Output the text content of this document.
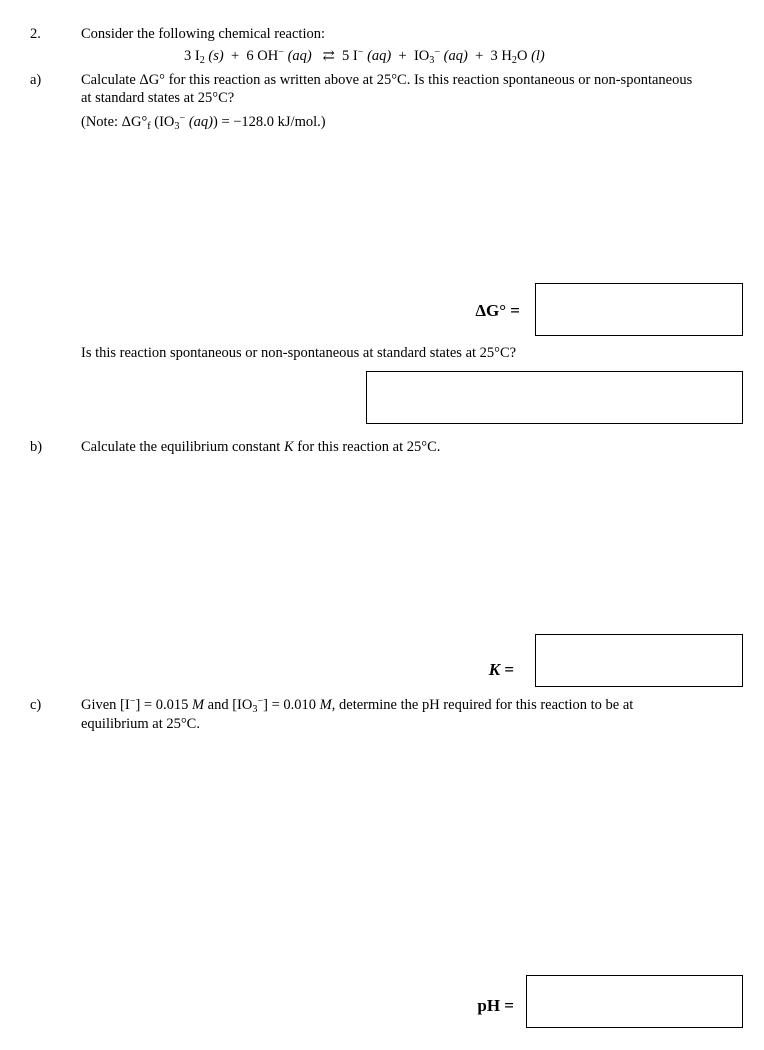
2.	Consider the following chemical reaction:
3 $I_2$ (s) + 6 OH− (aq) ⇄ 5 I− $(aq) + IO_3^-$ (aq) + 3 $H_2O$ (l)
a)	Calculate ΔG° for this reaction as written above at 25°C. Is this reaction spontaneous or non-spontaneous
at standard states at 25°C?
(Note: $\Delta G^\circ_f$ ($IO_3^-$ (aq)) = −128.0 kJ/mol.)
ΔG° =
Is this reaction spontaneous or non-spontaneous at standard states at 25°C?
b)	Calculate the equilibrium constant K for this reaction at 25°C.
K =
c)	Given [I−] = 0.015 M and $[IO_3^-] = 0.010$ M, determine the pH required for this reaction to be at
equilibrium at 25°C.
pH =
